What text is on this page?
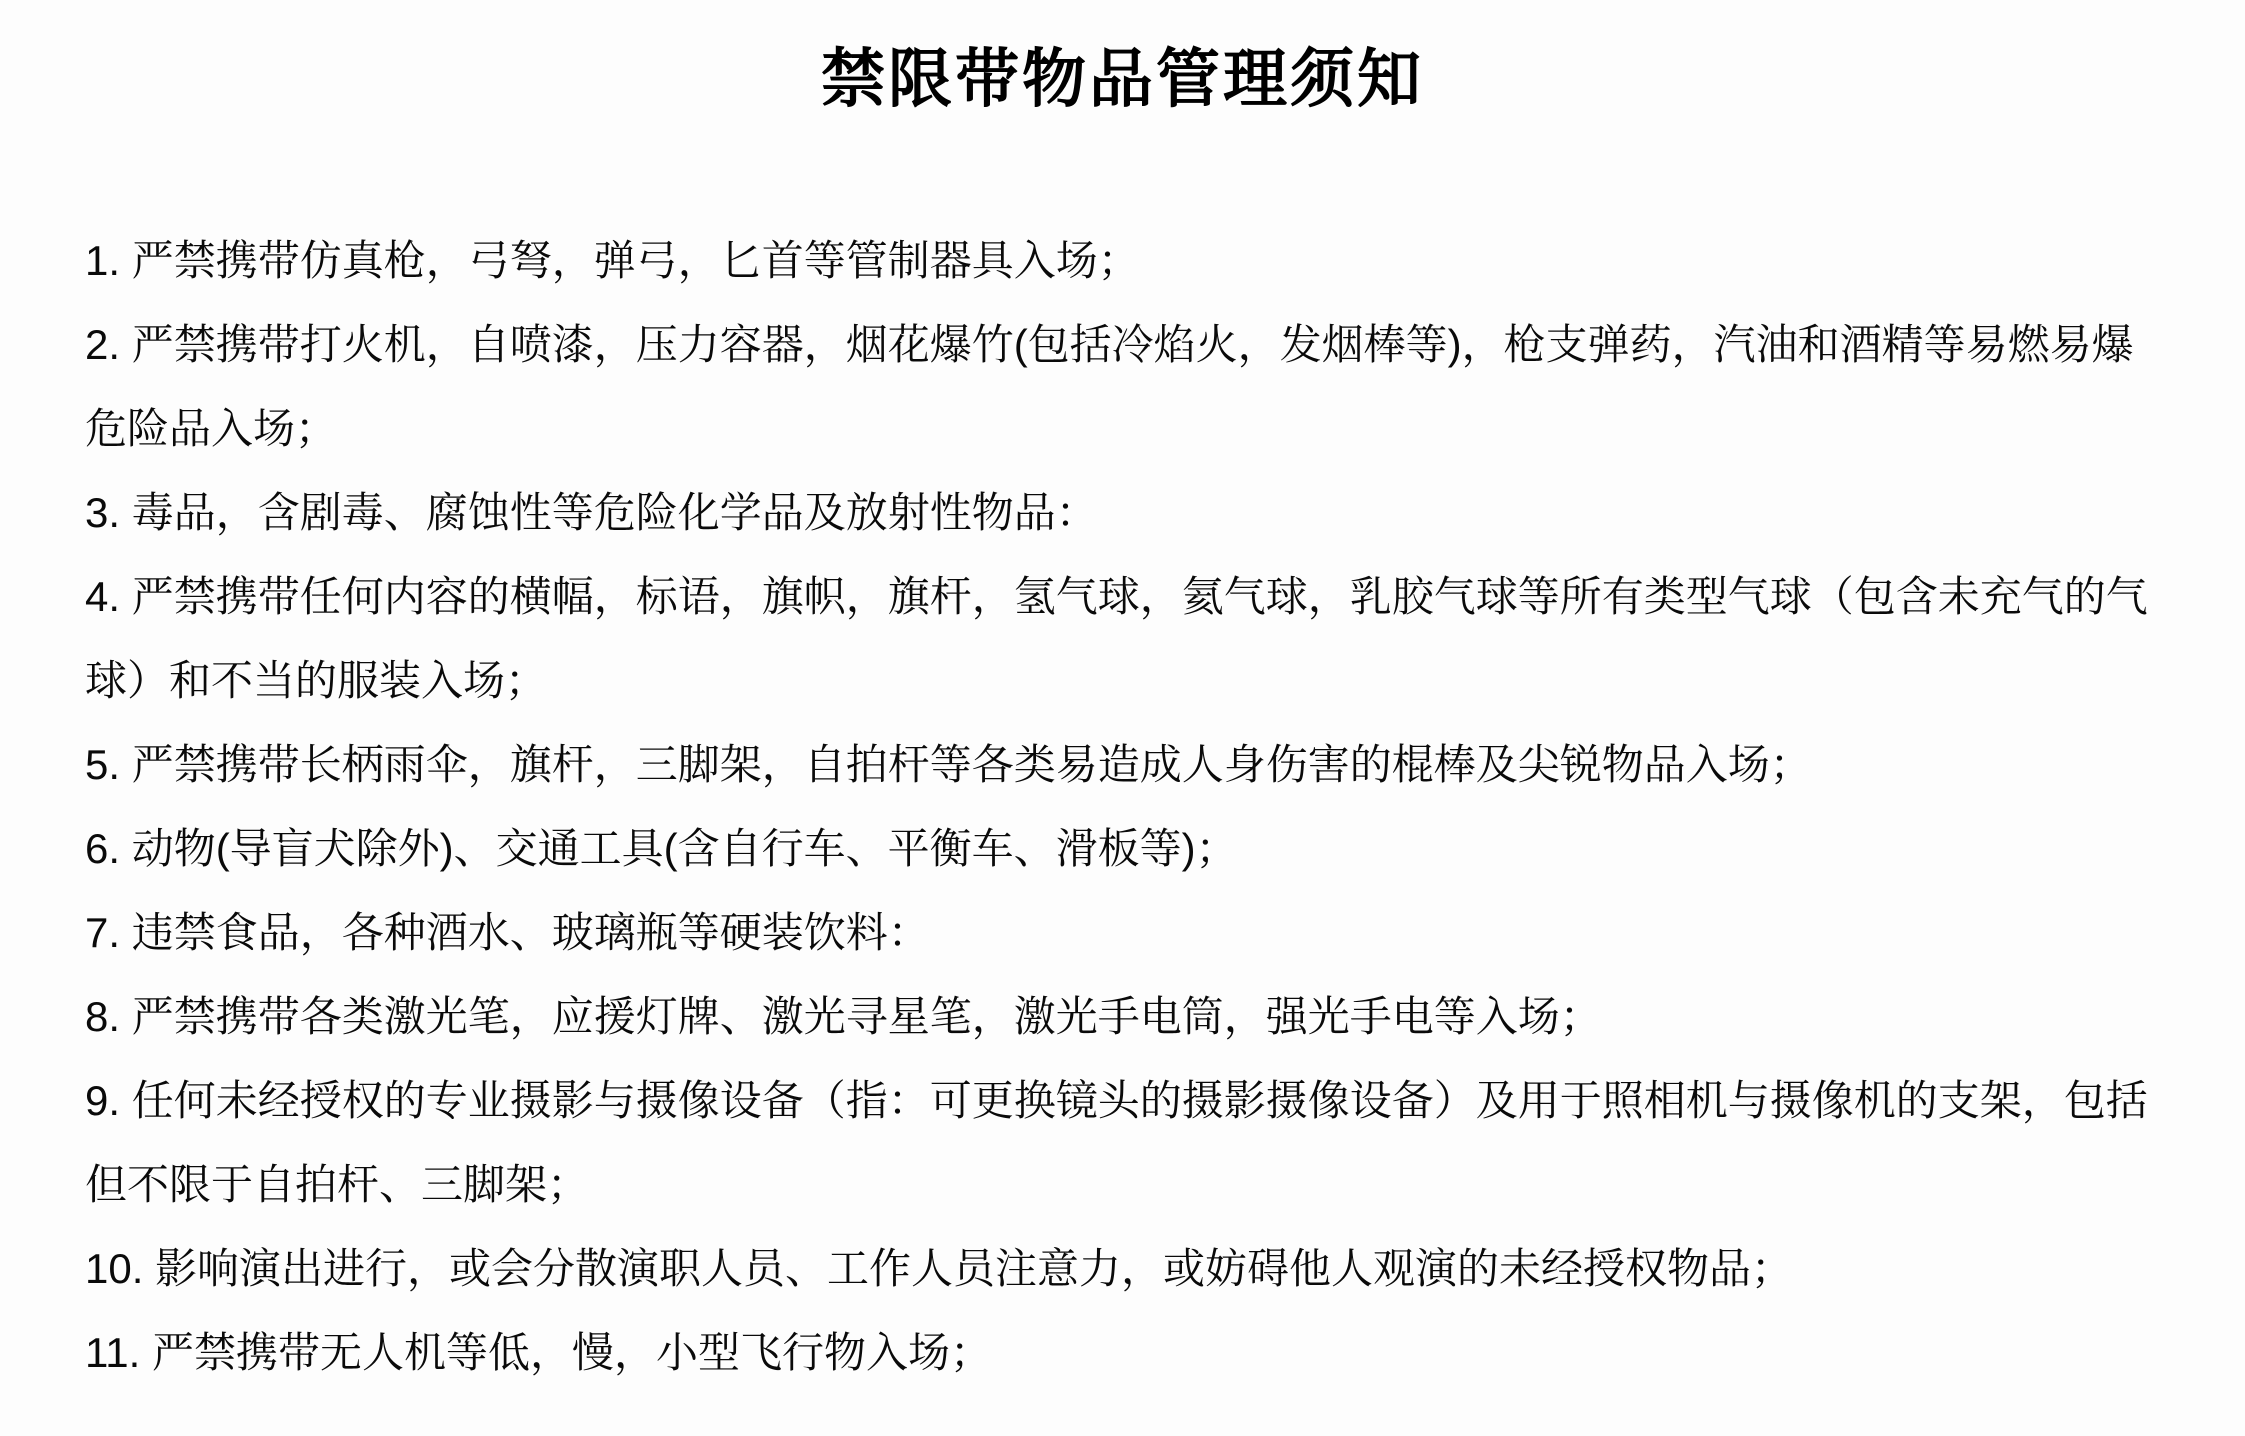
禁限带物品管理须知

1. 严禁携带仿真枪，弓弩，弹弓，匕首等管制器具入场；

2. 严禁携带打火机，自喷漆，压力容器，烟花爆竹(包括冷焰火，发烟棒等)，枪支弹药，汽油和酒精等易燃易爆危险品入场；

3. 毒品，含剧毒、腐蚀性等危险化学品及放射性物品：

4. 严禁携带任何内容的横幅，标语，旗帜，旗杆，氢气球，氦气球，乳胶气球等所有类型气球（包含未充气的气球）和不当的服装入场；

5. 严禁携带长柄雨伞，旗杆，三脚架，自拍杆等各类易造成人身伤害的棍棒及尖锐物品入场；

6. 动物(导盲犬除外)、交通工具(含自行车、平衡车、滑板等)；

7. 违禁食品，各种酒水、玻璃瓶等硬装饮料：

8. 严禁携带各类激光笔，应援灯牌、激光寻星笔，激光手电筒，强光手电等入场；

9. 任何未经授权的专业摄影与摄像设备（指：可更换镜头的摄影摄像设备）及用于照相机与摄像机的支架，包括但不限于自拍杆、三脚架；

10. 影响演出进行，或会分散演职人员、工作人员注意力，或妨碍他人观演的未经授权物品；

11. 严禁携带无人机等低，慢，小型飞行物入场；
